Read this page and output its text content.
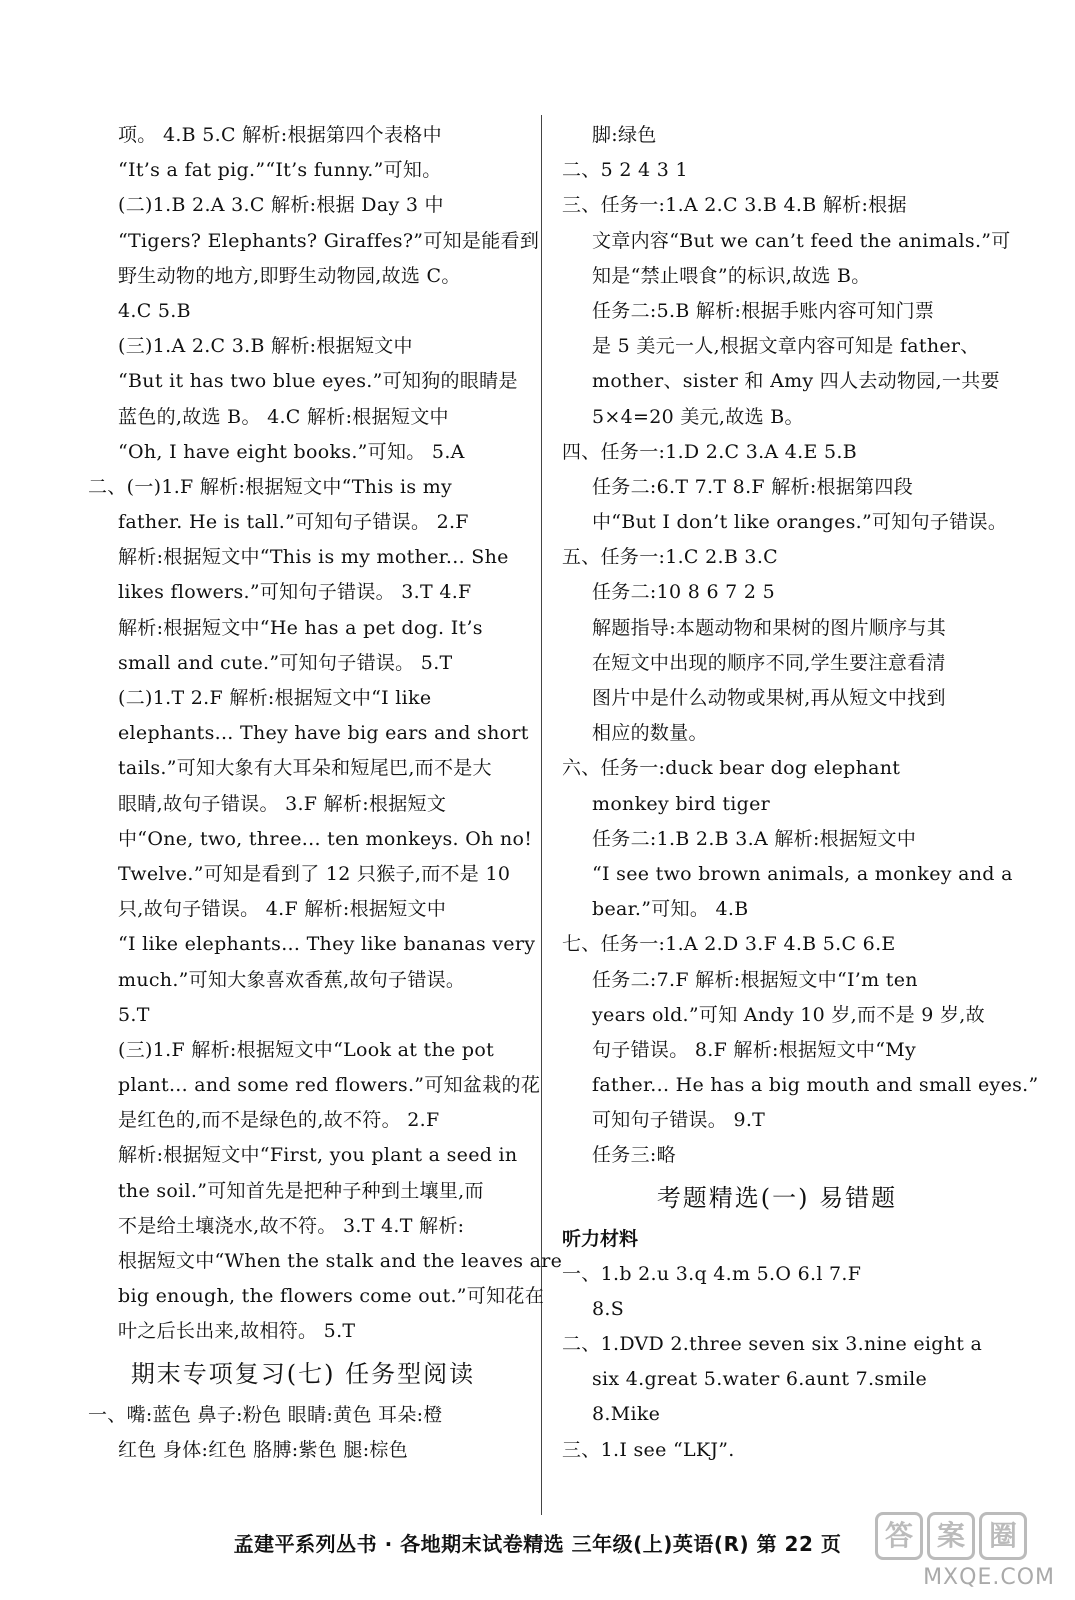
项。 4.B 5.C 解析:根据第四个表格中
“It’s a fat pig.”“It’s funny.”可知。
(二)1.B 2.A 3.C 解析:根据 Day 3 中
“Tigers? Elephants? Giraffes?”可知是能看到
野生动物的地方,即野生动物园,故选 C。
4.C 5.B
(三)1.A 2.C 3.B 解析:根据短文中
“But it has two blue eyes.”可知狗的眼睛是
蓝色的,故选 B。 4.C 解析:根据短文中
“Oh, I have eight books.”可知。 5.A
二、(一)1.F 解析:根据短文中“This is my
father. He is tall.”可知句子错误。 2.F
解析:根据短文中“This is my mother... She
likes flowers.”可知句子错误。 3.T 4.F
解析:根据短文中“He has a pet dog. It’s
small and cute.”可知句子错误。 5.T
(二)1.T 2.F 解析:根据短文中“I like
elephants... They have big ears and short
tails.”可知大象有大耳朵和短尾巴,而不是大
眼睛,故句子错误。 3.F 解析:根据短文
中“One, two, three... ten monkeys. Oh no!
Twelve.”可知是看到了 12 只猴子,而不是 10
只,故句子错误。 4.F 解析:根据短文中
“I like elephants... They like bananas very
much.”可知大象喜欢香蕉,故句子错误。
5.T
(三)1.F 解析:根据短文中“Look at the pot
plant... and some red flowers.”可知盆栽的花
是红色的,而不是绿色的,故不符。 2.F
解析:根据短文中“First, you plant a seed in
the soil.”可知首先是把种子种到土壤里,而
不是给土壤浇水,故不符。 3.T 4.T 解析:
根据短文中“When the stalk and the leaves are
big enough, the flowers come out.”可知花在
叶之后长出来,故相符。 5.T
期末专项复习(七) 任务型阅读
一、嘴:蓝色 鼻子:粉色 眼睛:黄色 耳朵:橙
红色 身体:红色 胳膊:紫色 腿:棕色
脚:绿色
二、5 2 4 3 1
三、任务一:1.A 2.C 3.B 4.B 解析:根据
文章内容“But we can’t feed the animals.”可
知是“禁止喂食”的标识,故选 B。
任务二:5.B 解析:根据手账内容可知门票
是 5 美元一人,根据文章内容可知是 father、
mother、sister 和 Amy 四人去动物园,一共要
5×4=20 美元,故选 B。
四、任务一:1.D 2.C 3.A 4.E 5.B
任务二:6.T 7.T 8.F 解析:根据第四段
中“But I don’t like oranges.”可知句子错误。
五、任务一:1.C 2.B 3.C
任务二:10 8 6 7 2 5
解题指导:本题动物和果树的图片顺序与其
在短文中出现的顺序不同,学生要注意看清
图片中是什么动物或果树,再从短文中找到
相应的数量。
六、任务一:duck bear dog elephant
monkey bird tiger
任务二:1.B 2.B 3.A 解析:根据短文中
“I see two brown animals, a monkey and a
bear.”可知。 4.B
七、任务一:1.A 2.D 3.F 4.B 5.C 6.E
任务二:7.F 解析:根据短文中“I’m ten
years old.”可知 Andy 10 岁,而不是 9 岁,故
句子错误。 8.F 解析:根据短文中“My
father... He has a big mouth and small eyes.”
可知句子错误。 9.T
任务三:略
考题精选(一) 易错题
听力材料
一、1.b 2.u 3.q 4.m 5.O 6.l 7.F
8.S
二、1.DVD 2.three seven six 3.nine eight a
six 4.great 5.water 6.aunt 7.smile
8.Mike
三、1.I see “LKJ”.
孟建平系列丛书 · 各地期末试卷精选 三年级(上)英语(R) 第 22 页	答 案 圈
MXQE.COM
